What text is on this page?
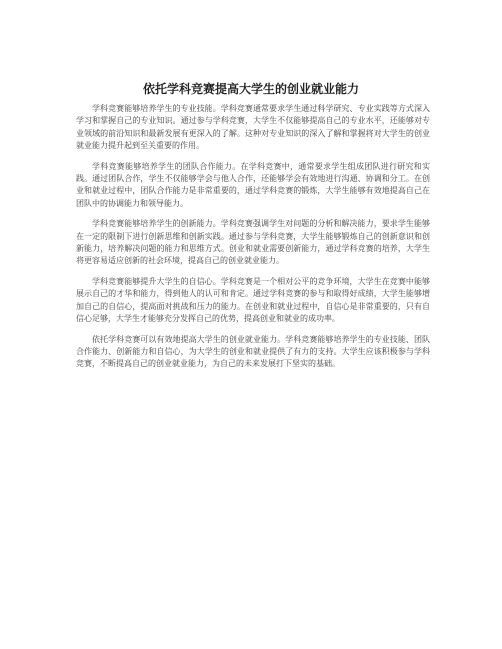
依托学科竞赛提高大学生的创业就业能力

学科竞赛能够培养学生的专业技能。学科竞赛通常要求学生通过科学研究、专业实践等方式深入学习和掌握自己的专业知识。通过参与学科竞赛，大学生不仅能够提高自己的专业水平，还能够对专业领域的前沿知识和最新发展有更深入的了解。这种对专业知识的深入了解和掌握将对大学生的创业就业能力提升起到至关重要的作用。

学科竞赛能够培养学生的团队合作能力。在学科竞赛中，通常要求学生组成团队进行研究和实践。通过团队合作，学生不仅能够学会与他人合作，还能够学会有效地进行沟通、协调和分工。在创业和就业过程中，团队合作能力是非常重要的，通过学科竞赛的锻炼，大学生能够有效地提高自己在团队中的协调能力和领导能力。

学科竞赛能够培养学生的创新能力。学科竞赛强调学生对问题的分析和解决能力，要求学生能够在一定的限制下进行创新思维和创新实践。通过参与学科竞赛，大学生能够锻炼自己的创新意识和创新能力，培养解决问题的能力和思维方式。创业和就业需要创新能力，通过学科竞赛的培养，大学生将更容易适应创新的社会环境，提高自己的创业就业能力。

学科竞赛能够提升大学生的自信心。学科竞赛是一个相对公平的竞争环境，大学生在竞赛中能够展示自己的才华和能力，得到他人的认可和肯定。通过学科竞赛的参与和取得好成绩，大学生能够增加自己的自信心，提高面对挑战和压力的能力。在创业和就业过程中，自信心是非常重要的，只有自信心足够，大学生才能够充分发挥自己的优势，提高创业和就业的成功率。

依托学科竞赛可以有效地提高大学生的创业就业能力。学科竞赛能够培养学生的专业技能、团队合作能力、创新能力和自信心，为大学生的创业和就业提供了有力的支持。大学生应该积极参与学科竞赛，不断提高自己的创业就业能力，为自己的未来发展打下坚实的基础。
